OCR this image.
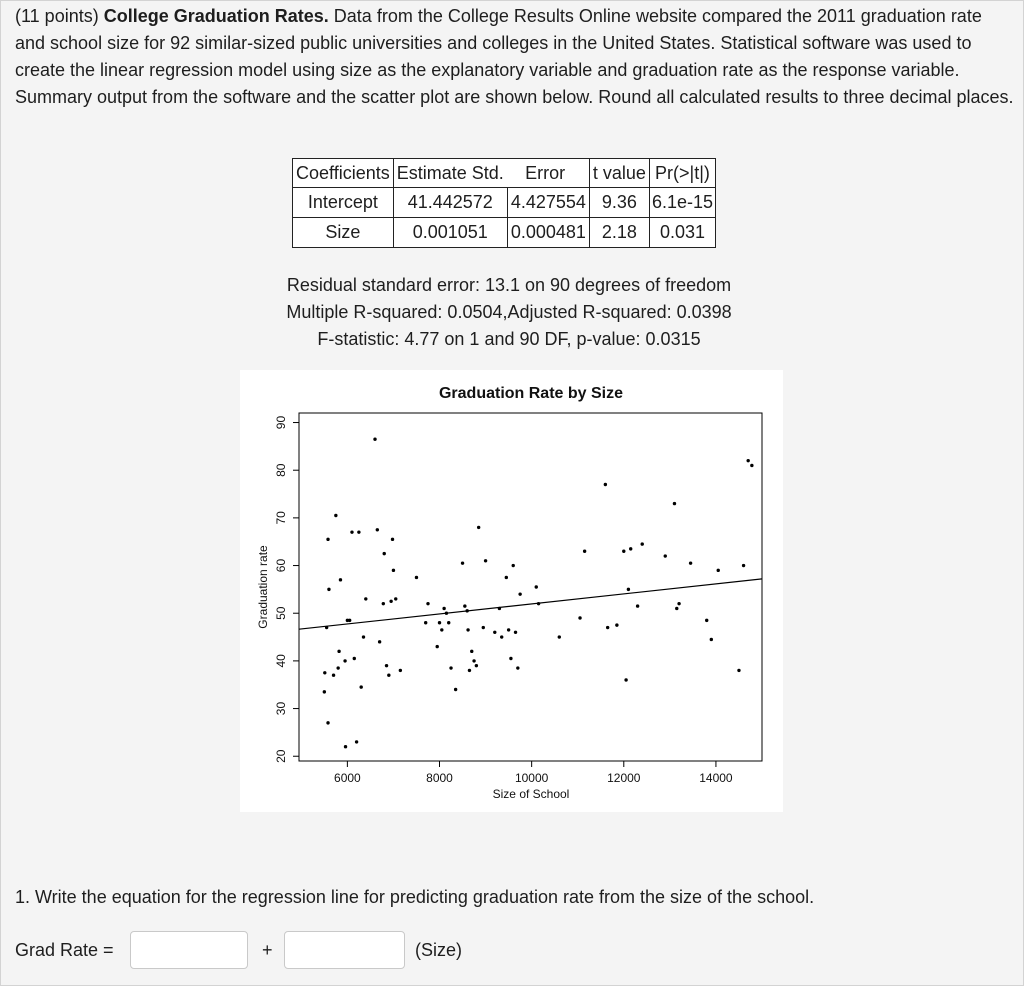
(11 points) College Graduation Rates. Data from the College Results Online website compared the 2011 graduation rate and school size for 92 similar-sized public universities and colleges in the United States. Statistical software was used to create the linear regression model using size as the explanatory variable and graduation rate as the response variable. Summary output from the software and the scatter plot are shown below. Round all calculated results to three decimal places.
Coefficients	Estimate Std.	Error	t value	Pr(>|t|)
Intercept	41.442572	4.427554	9.36	6.1e-15
Size	0.001051	0.000481	2.18	0.031
Residual standard error: 13.1 on 90 degrees of freedom
Multiple R-squared: 0.0504,Adjusted R-squared: 0.0398
F-statistic: 4.77 on 1 and 90 DF, p-value: 0.0315
Graduation Rate by Size
6000	8000	10000	12000	14000
20
30
40
50
60
70
80
90
Size of School
Graduation rate
1. Write the equation for the regression line for predicting graduation rate from the size of the school.
Grad Rate =	+	(Size)
